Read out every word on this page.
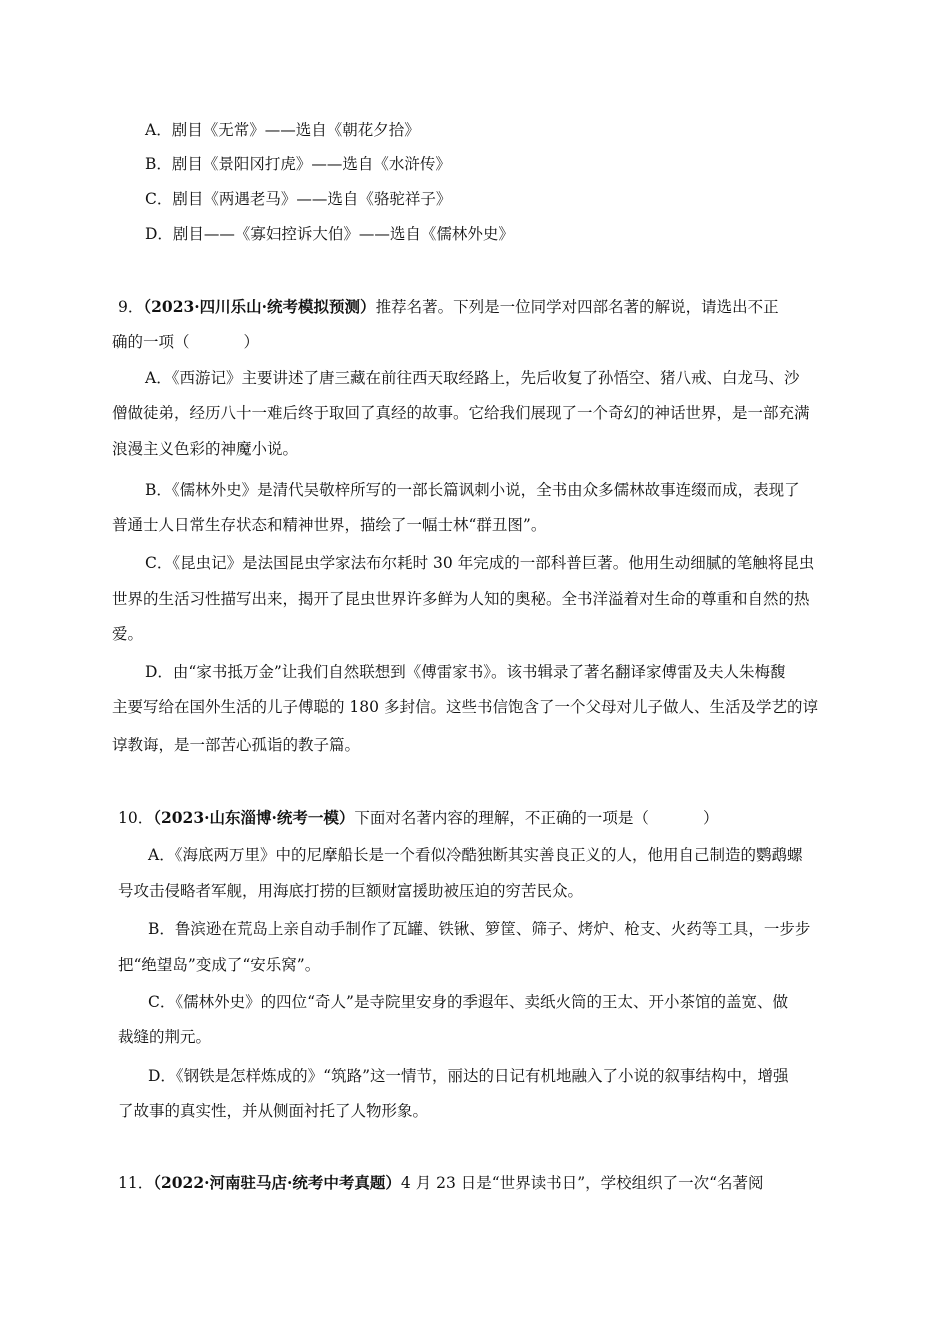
A．剧目《无常》——选自《朝花夕拾》
B．剧目《景阳冈打虎》——选自《水浒传》
C．剧目《两遇老马》——选自《骆驼祥子》
D．剧目——《寡妇控诉大伯》——选自《儒林外史》
9．（2023·四川乐山·统考模拟预测）推荐名著。下列是一位同学对四部名著的解说，请选出不正
确的一项（	）
A．《西游记》主要讲述了唐三藏在前往西天取经路上，先后收复了孙悟空、猪八戒、白龙马、沙
僧做徒弟，经历八十一难后终于取回了真经的故事。它给我们展现了一个奇幻的神话世界，是一部充满
浪漫主义色彩的神魔小说。
B．《儒林外史》是清代吴敬梓所写的一部长篇讽刺小说，全书由众多儒林故事连缀而成，表现了
普通士人日常生存状态和精神世界，描绘了一幅士林“群丑图”。
C．《昆虫记》是法国昆虫学家法布尔耗时 30 年完成的一部科普巨著。他用生动细腻的笔触将昆虫
世界的生活习性描写出来，揭开了昆虫世界许多鲜为人知的奥秘。全书洋溢着对生命的尊重和自然的热
爱。
D．由“家书抵万金”让我们自然联想到《傅雷家书》。该书辑录了著名翻译家傅雷及夫人朱梅馥
主要写给在国外生活的儿子傅聪的 180 多封信。这些书信饱含了一个父母对儿子做人、生活及学艺的谆
谆教诲，是一部苦心孤诣的教子篇。
10．（2023·山东淄博·统考一模）下面对名著内容的理解，不正确的一项是（	）
A．《海底两万里》中的尼摩船长是一个看似冷酷独断其实善良正义的人，他用自己制造的鹦鹉螺
号攻击侵略者军舰，用海底打捞的巨额财富援助被压迫的穷苦民众。
B．鲁滨逊在荒岛上亲自动手制作了瓦罐、铁锹、箩筐、筛子、烤炉、枪支、火药等工具，一步步
把“绝望岛”变成了“安乐窝”。
C．《儒林外史》的四位“奇人”是寺院里安身的季遐年、卖纸火筒的王太、开小茶馆的盖宽、做
裁缝的荆元。
D．《钢铁是怎样炼成的》“筑路”这一情节，丽达的日记有机地融入了小说的叙事结构中，增强
了故事的真实性，并从侧面衬托了人物形象。
11．（2022·河南驻马店·统考中考真题）4 月 23 日是“世界读书日”，学校组织了一次“名著阅
